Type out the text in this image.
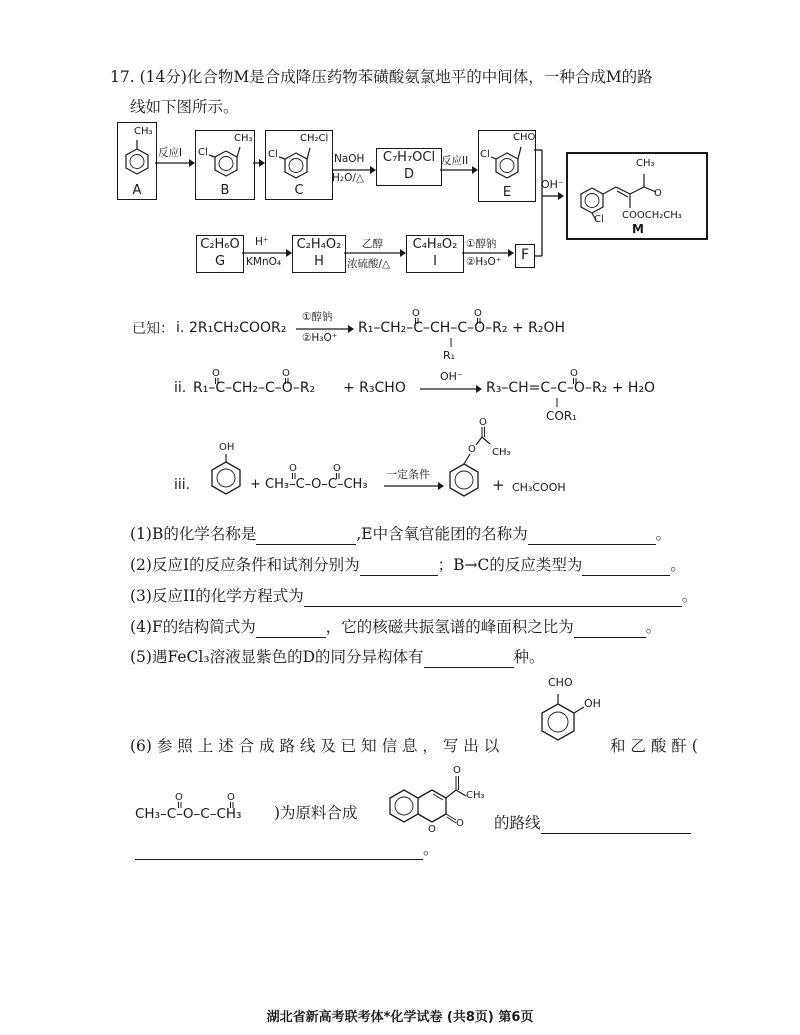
17. (14分)化合物M是合成降压药物苯磺酸氨氯地平的中间体，一种合成M的路
线如下图所示。
CH₃
A
反应I
CH₃
Cl
B
CH₂Cl
Cl
C
NaOH
H₂O/△
C₇H₇OCl
D
反应II
CHO
Cl
E
OH⁻
O
CH₃
COOCH₂CH₃
Cl
M
C₂H₆O
G
H⁺
KMnO₄
C₂H₄O₂
H
乙醇
浓硫酸/△
C₄H₈O₂
I
①醇钠
②H₃O⁺	F
已知： i. 2R₁CH₂COOR₂
①醇钠
②H₃O⁺
O	O
R₁–CH₂–C–CH–C–O–R₂ + R₂OH
R₁
ii.
O	O
R₁–C–CH₂–C–O–R₂ + R₃CHO
OH⁻	O
R₃–CH=C–C–O–R₂ + H₂O
COR₁
iii.
OH
O	O
+ CH₃–C–O–C–CH₃
一定条件
O
O
CH₃
+ CH₃COOH
(1)B的化学名称是	,E中含氧官能团的名称为	。
(2)反应I的反应条件和试剂分别为	；B→C的反应类型为	。
(3)反应II的化学方程式为	。
(4)F的结构简式为	，它的核磁共振氢谱的峰面积之比为	。
(5)遇FeCl₃溶液显紫色的D的同分异构体有	种。
(6) 参 照 上 述 合 成 路 线 及 已 知 信 息 ， 写 出 以
CHO
OH
和 乙 酸 酐 (
O	O
CH₃–C–O–C–CH₃ )为原料合成
O
O
O
CH₃
的路线
。
湖北省新高考联考体*化学试卷 (共8页) 第6页
